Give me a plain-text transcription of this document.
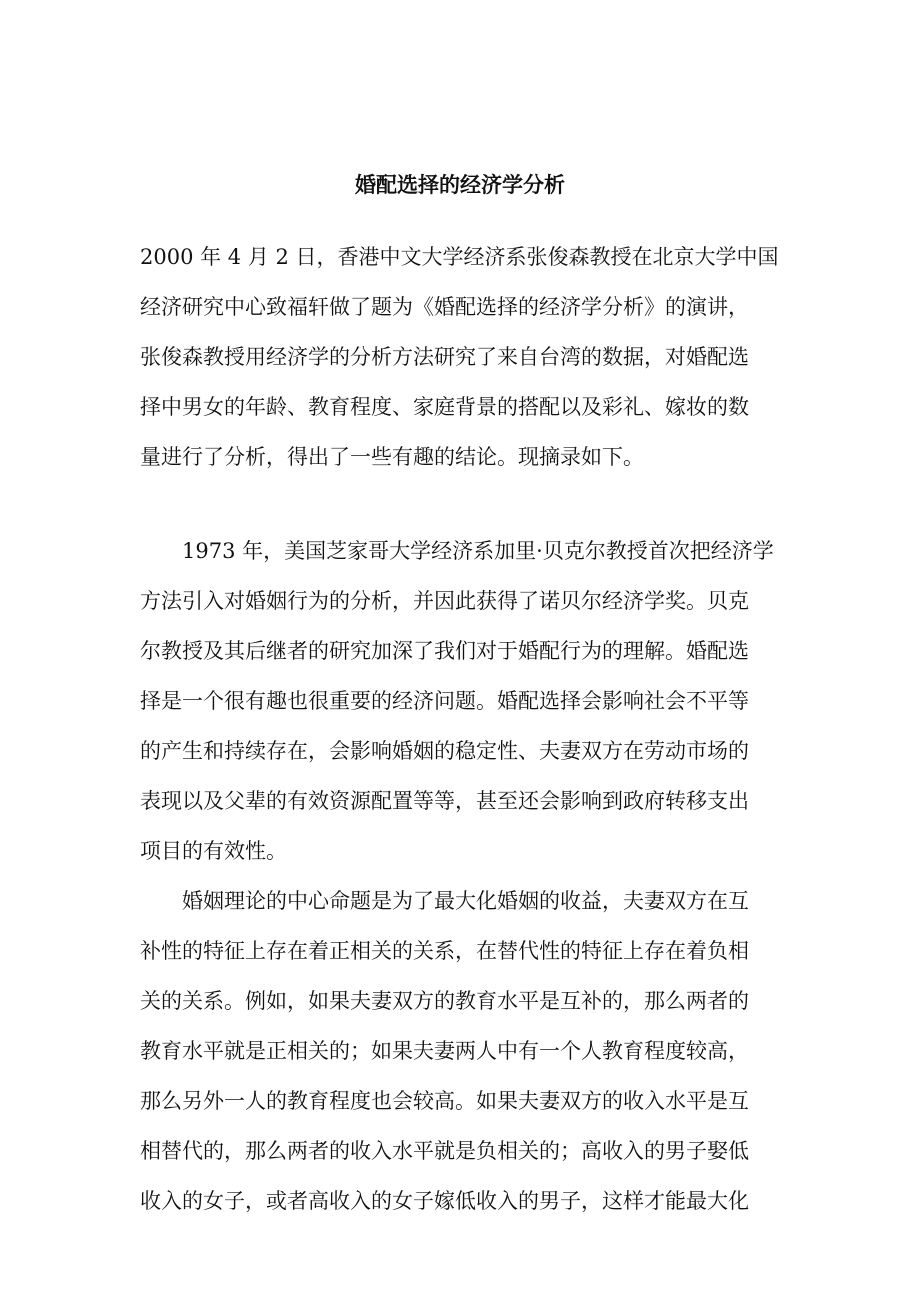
婚配选择的经济学分析

2000 年 4 月 2 日，香港中文大学经济系张俊森教授在北京大学中国

经济研究中心致福轩做了题为《婚配选择的经济学分析》的演讲，

张俊森教授用经济学的分析方法研究了来自台湾的数据，对婚配选

择中男女的年龄、教育程度、家庭背景的搭配以及彩礼、嫁妆的数

量进行了分析，得出了一些有趣的结论。现摘录如下。

1973 年，美国芝家哥大学经济系加里·贝克尔教授首次把经济学

方法引入对婚姻行为的分析，并因此获得了诺贝尔经济学奖。贝克

尔教授及其后继者的研究加深了我们对于婚配行为的理解。婚配选

择是一个很有趣也很重要的经济问题。婚配选择会影响社会不平等

的产生和持续存在，会影响婚姻的稳定性、夫妻双方在劳动市场的

表现以及父辈的有效资源配置等等，甚至还会影响到政府转移支出

项目的有效性。

婚姻理论的中心命题是为了最大化婚姻的收益，夫妻双方在互

补性的特征上存在着正相关的关系，在替代性的特征上存在着负相

关的关系。例如，如果夫妻双方的教育水平是互补的，那么两者的

教育水平就是正相关的；如果夫妻两人中有一个人教育程度较高，

那么另外一人的教育程度也会较高。如果夫妻双方的收入水平是互

相替代的，那么两者的收入水平就是负相关的；高收入的男子娶低

收入的女子，或者高收入的女子嫁低收入的男子，这样才能最大化
